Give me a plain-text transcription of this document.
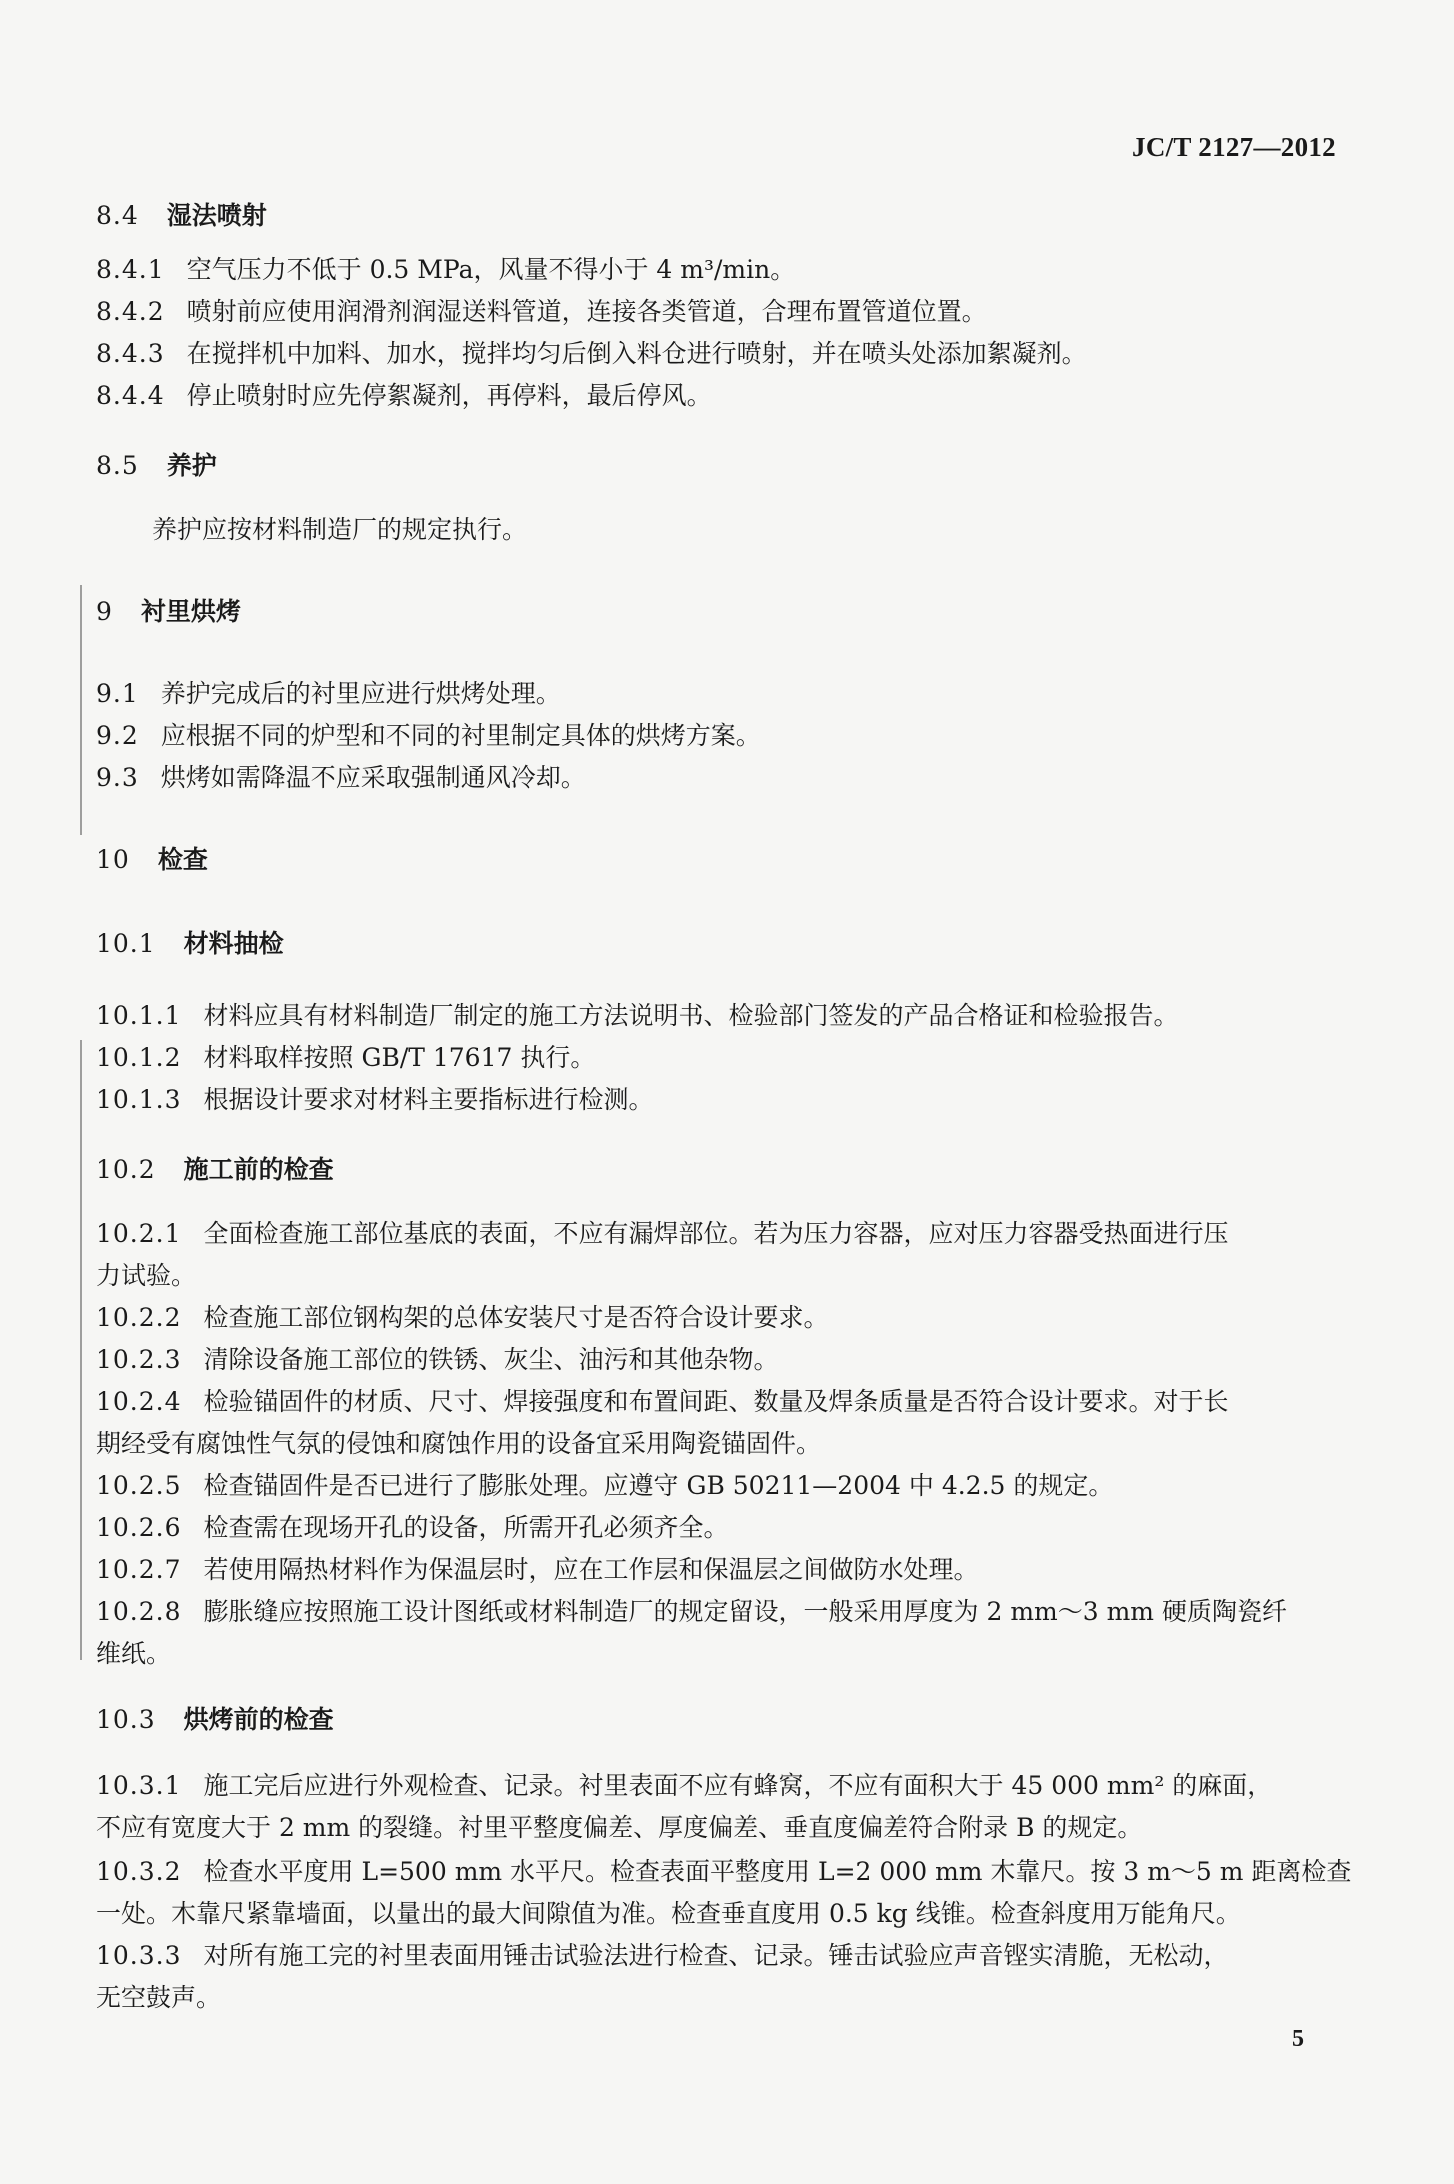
JC/T 2127—2012
8.4 湿法喷射
8.4.1 空气压力不低于 0.5 MPa，风量不得小于 4 m³/min。
8.4.2 喷射前应使用润滑剂润湿送料管道，连接各类管道，合理布置管道位置。
8.4.3 在搅拌机中加料、加水，搅拌均匀后倒入料仓进行喷射，并在喷头处添加絮凝剂。
8.4.4 停止喷射时应先停絮凝剂，再停料，最后停风。
8.5 养护
养护应按材料制造厂的规定执行。
9 衬里烘烤
9.1 养护完成后的衬里应进行烘烤处理。
9.2 应根据不同的炉型和不同的衬里制定具体的烘烤方案。
9.3 烘烤如需降温不应采取强制通风冷却。
10 检查
10.1 材料抽检
10.1.1 材料应具有材料制造厂制定的施工方法说明书、检验部门签发的产品合格证和检验报告。
10.1.2 材料取样按照 GB/T 17617 执行。
10.1.3 根据设计要求对材料主要指标进行检测。
10.2 施工前的检查
10.2.1 全面检查施工部位基底的表面，不应有漏焊部位。若为压力容器，应对压力容器受热面进行压
力试验。
10.2.2 检查施工部位钢构架的总体安装尺寸是否符合设计要求。
10.2.3 清除设备施工部位的铁锈、灰尘、油污和其他杂物。
10.2.4 检验锚固件的材质、尺寸、焊接强度和布置间距、数量及焊条质量是否符合设计要求。对于长
期经受有腐蚀性气氛的侵蚀和腐蚀作用的设备宜采用陶瓷锚固件。
10.2.5 检查锚固件是否已进行了膨胀处理。应遵守 GB 50211—2004 中 4.2.5 的规定。
10.2.6 检查需在现场开孔的设备，所需开孔必须齐全。
10.2.7 若使用隔热材料作为保温层时，应在工作层和保温层之间做防水处理。
10.2.8 膨胀缝应按照施工设计图纸或材料制造厂的规定留设，一般采用厚度为 2 mm～3 mm 硬质陶瓷纤
维纸。
10.3 烘烤前的检查
10.3.1 施工完后应进行外观检查、记录。衬里表面不应有蜂窝，不应有面积大于 45 000 mm² 的麻面，
不应有宽度大于 2 mm 的裂缝。衬里平整度偏差、厚度偏差、垂直度偏差符合附录 B 的规定。
10.3.2 检查水平度用 L=500 mm 水平尺。检查表面平整度用 L=2 000 mm 木靠尺。按 3 m～5 m 距离检查
一处。木靠尺紧靠墙面，以量出的最大间隙值为准。检查垂直度用 0.5 kg 线锥。检查斜度用万能角尺。
10.3.3 对所有施工完的衬里表面用锤击试验法进行检查、记录。锤击试验应声音铿实清脆，无松动，
无空鼓声。
5
